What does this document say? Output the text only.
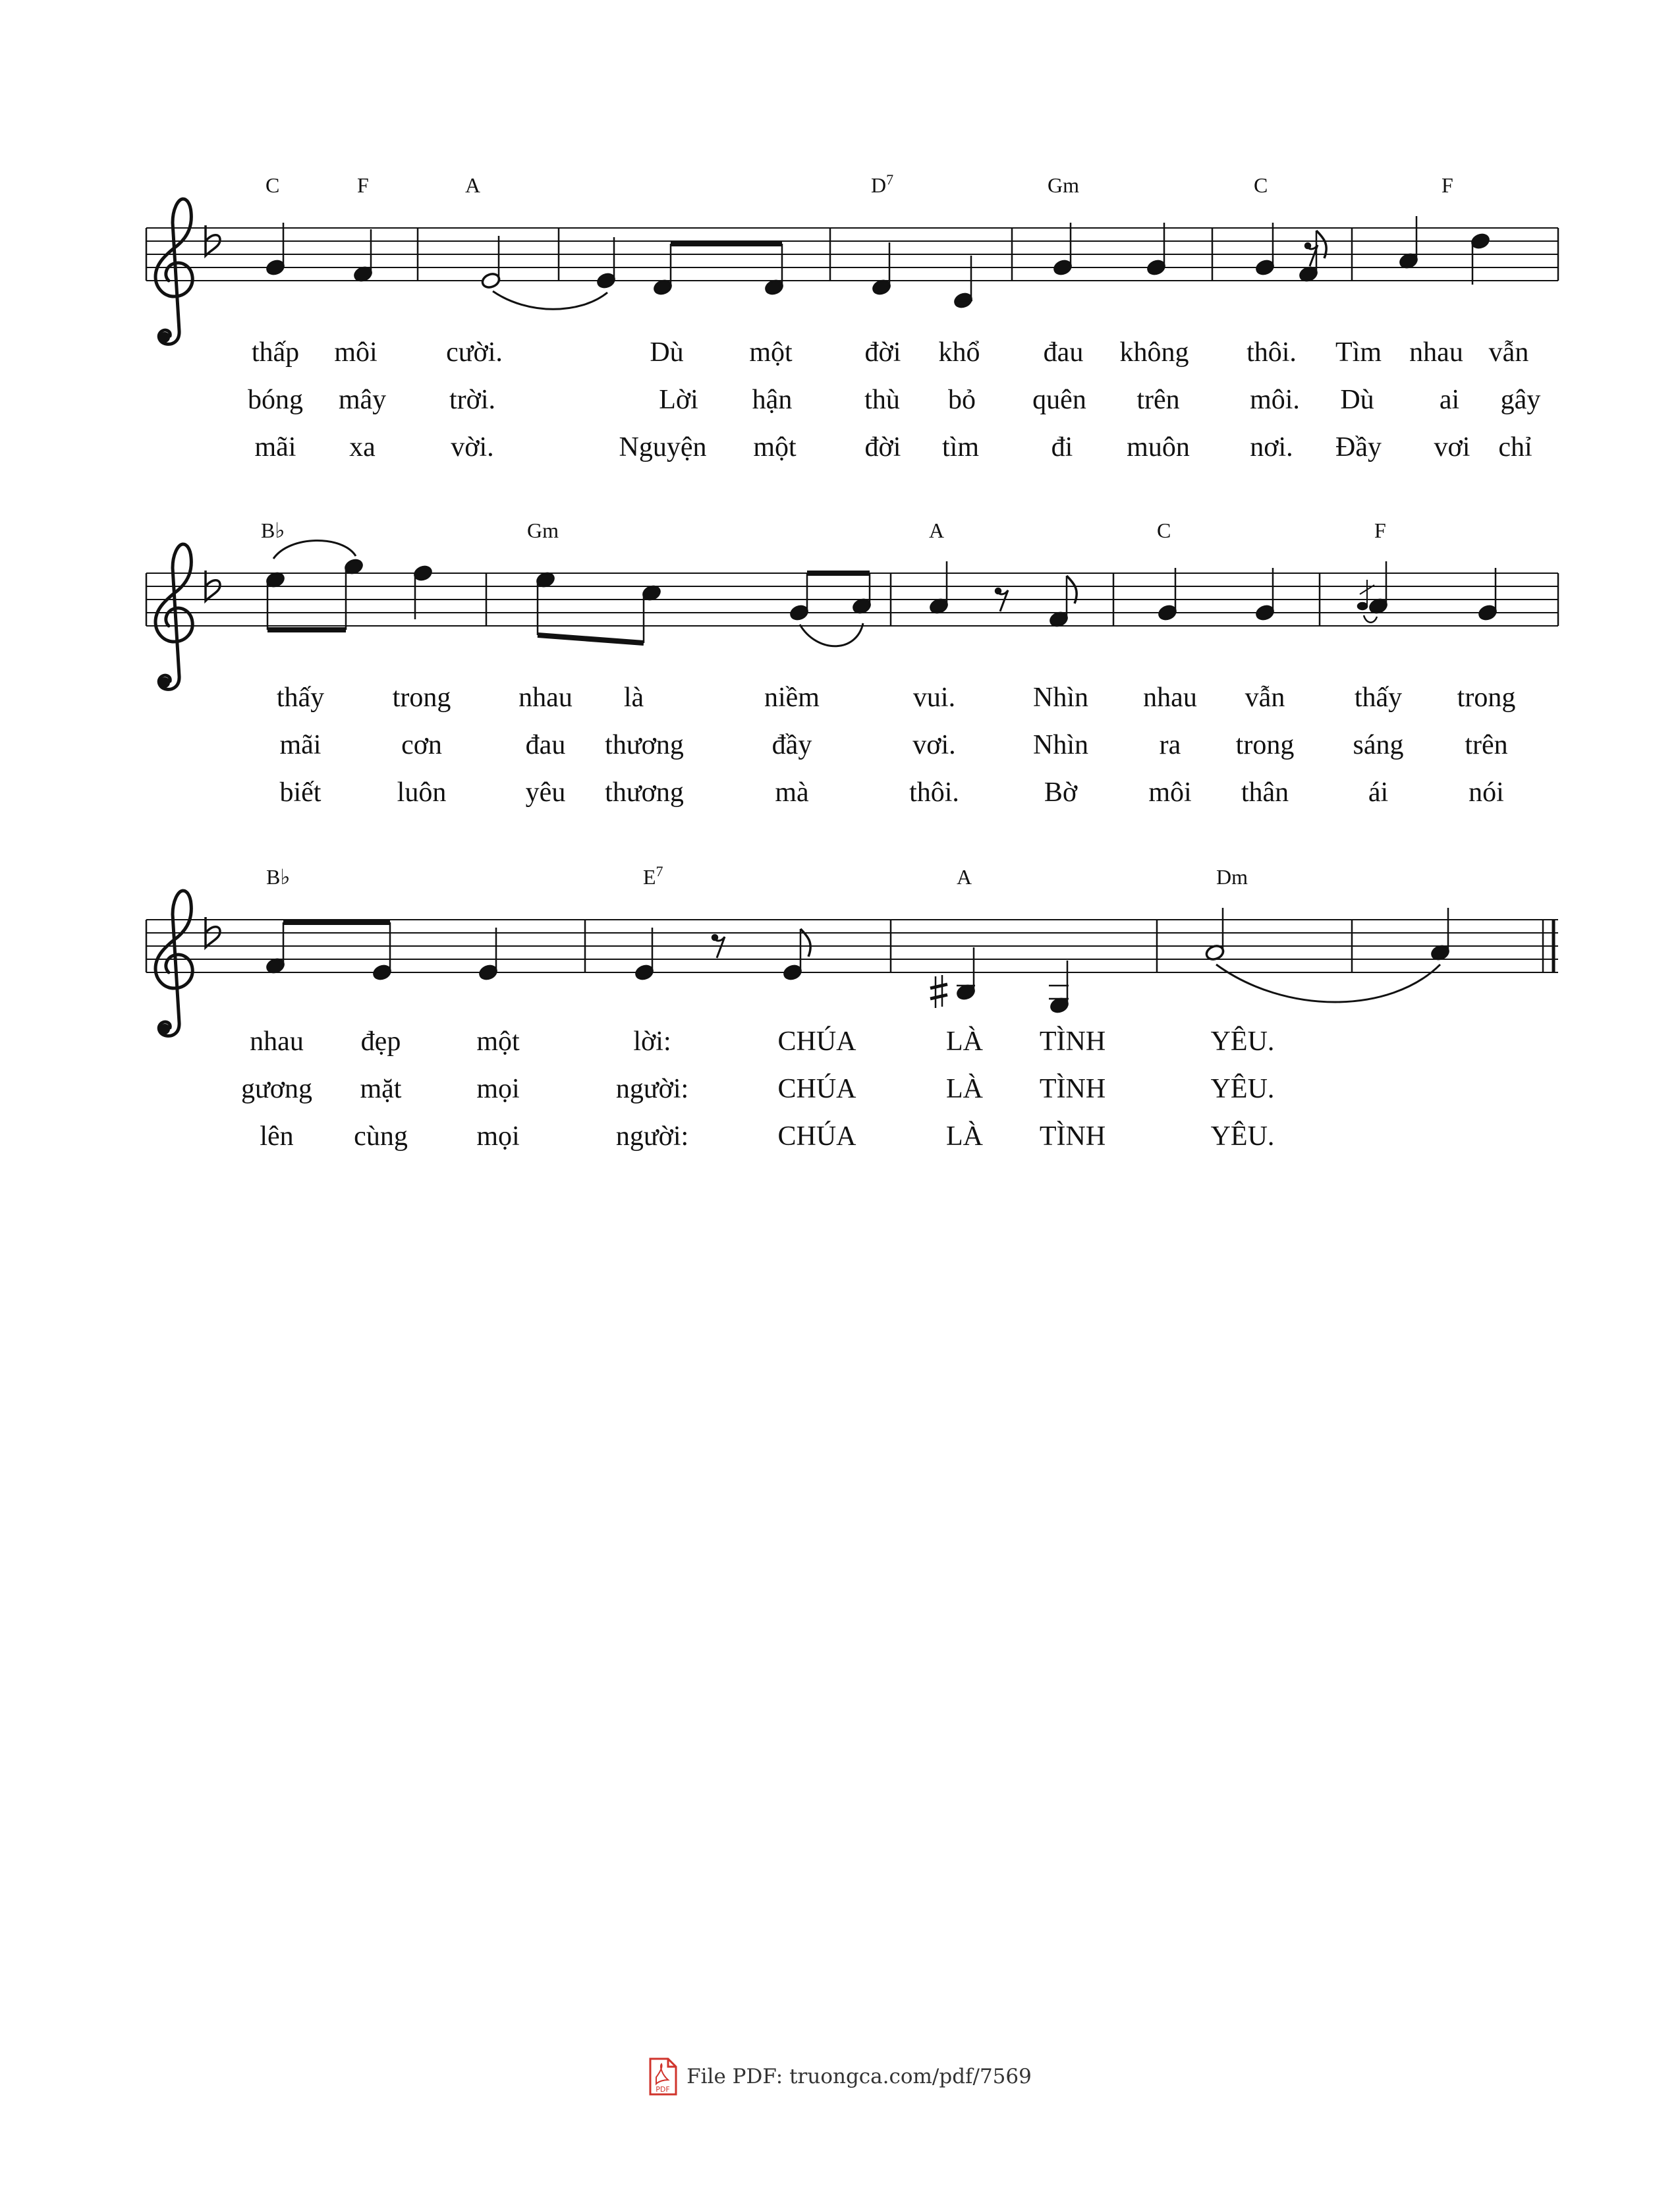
C	F	A	$D^7$	Gm	C	F
thấp môi cười.	Dù một	đời khổ đau không thôi. Tìm nhau vẫn
bóng mây trời.	Lời hận	thù bỏ quên trên	môi. Dù ai gây
mãi xa	vời.	Nguyện một đời tìm	đi muôn nơi. Đầy vơi chỉ
B♭	Gm	A	C	F
thấy trong nhau là	niềm	vui.	Nhìn nhau vẫn	thấy trong
mãi	cơn	đau thương	đầy	vơi.	Nhìn	ra trong sáng trên
biết	luôn	yêu thương	mà	thôi.	Bờ	môi thân	ái	nói
B♭	$E^7$	A	Dm
nhau đẹp	một	lời:	CHÚA	LÀ TÌNH	YÊU.
gương mặt	mọi	người:	CHÚA	LÀ TÌNH	YÊU.
lên cùng mọi	người:	CHÚA	LÀ TÌNH	YÊU.
PDF
File PDF: truongca.com/pdf/7569
